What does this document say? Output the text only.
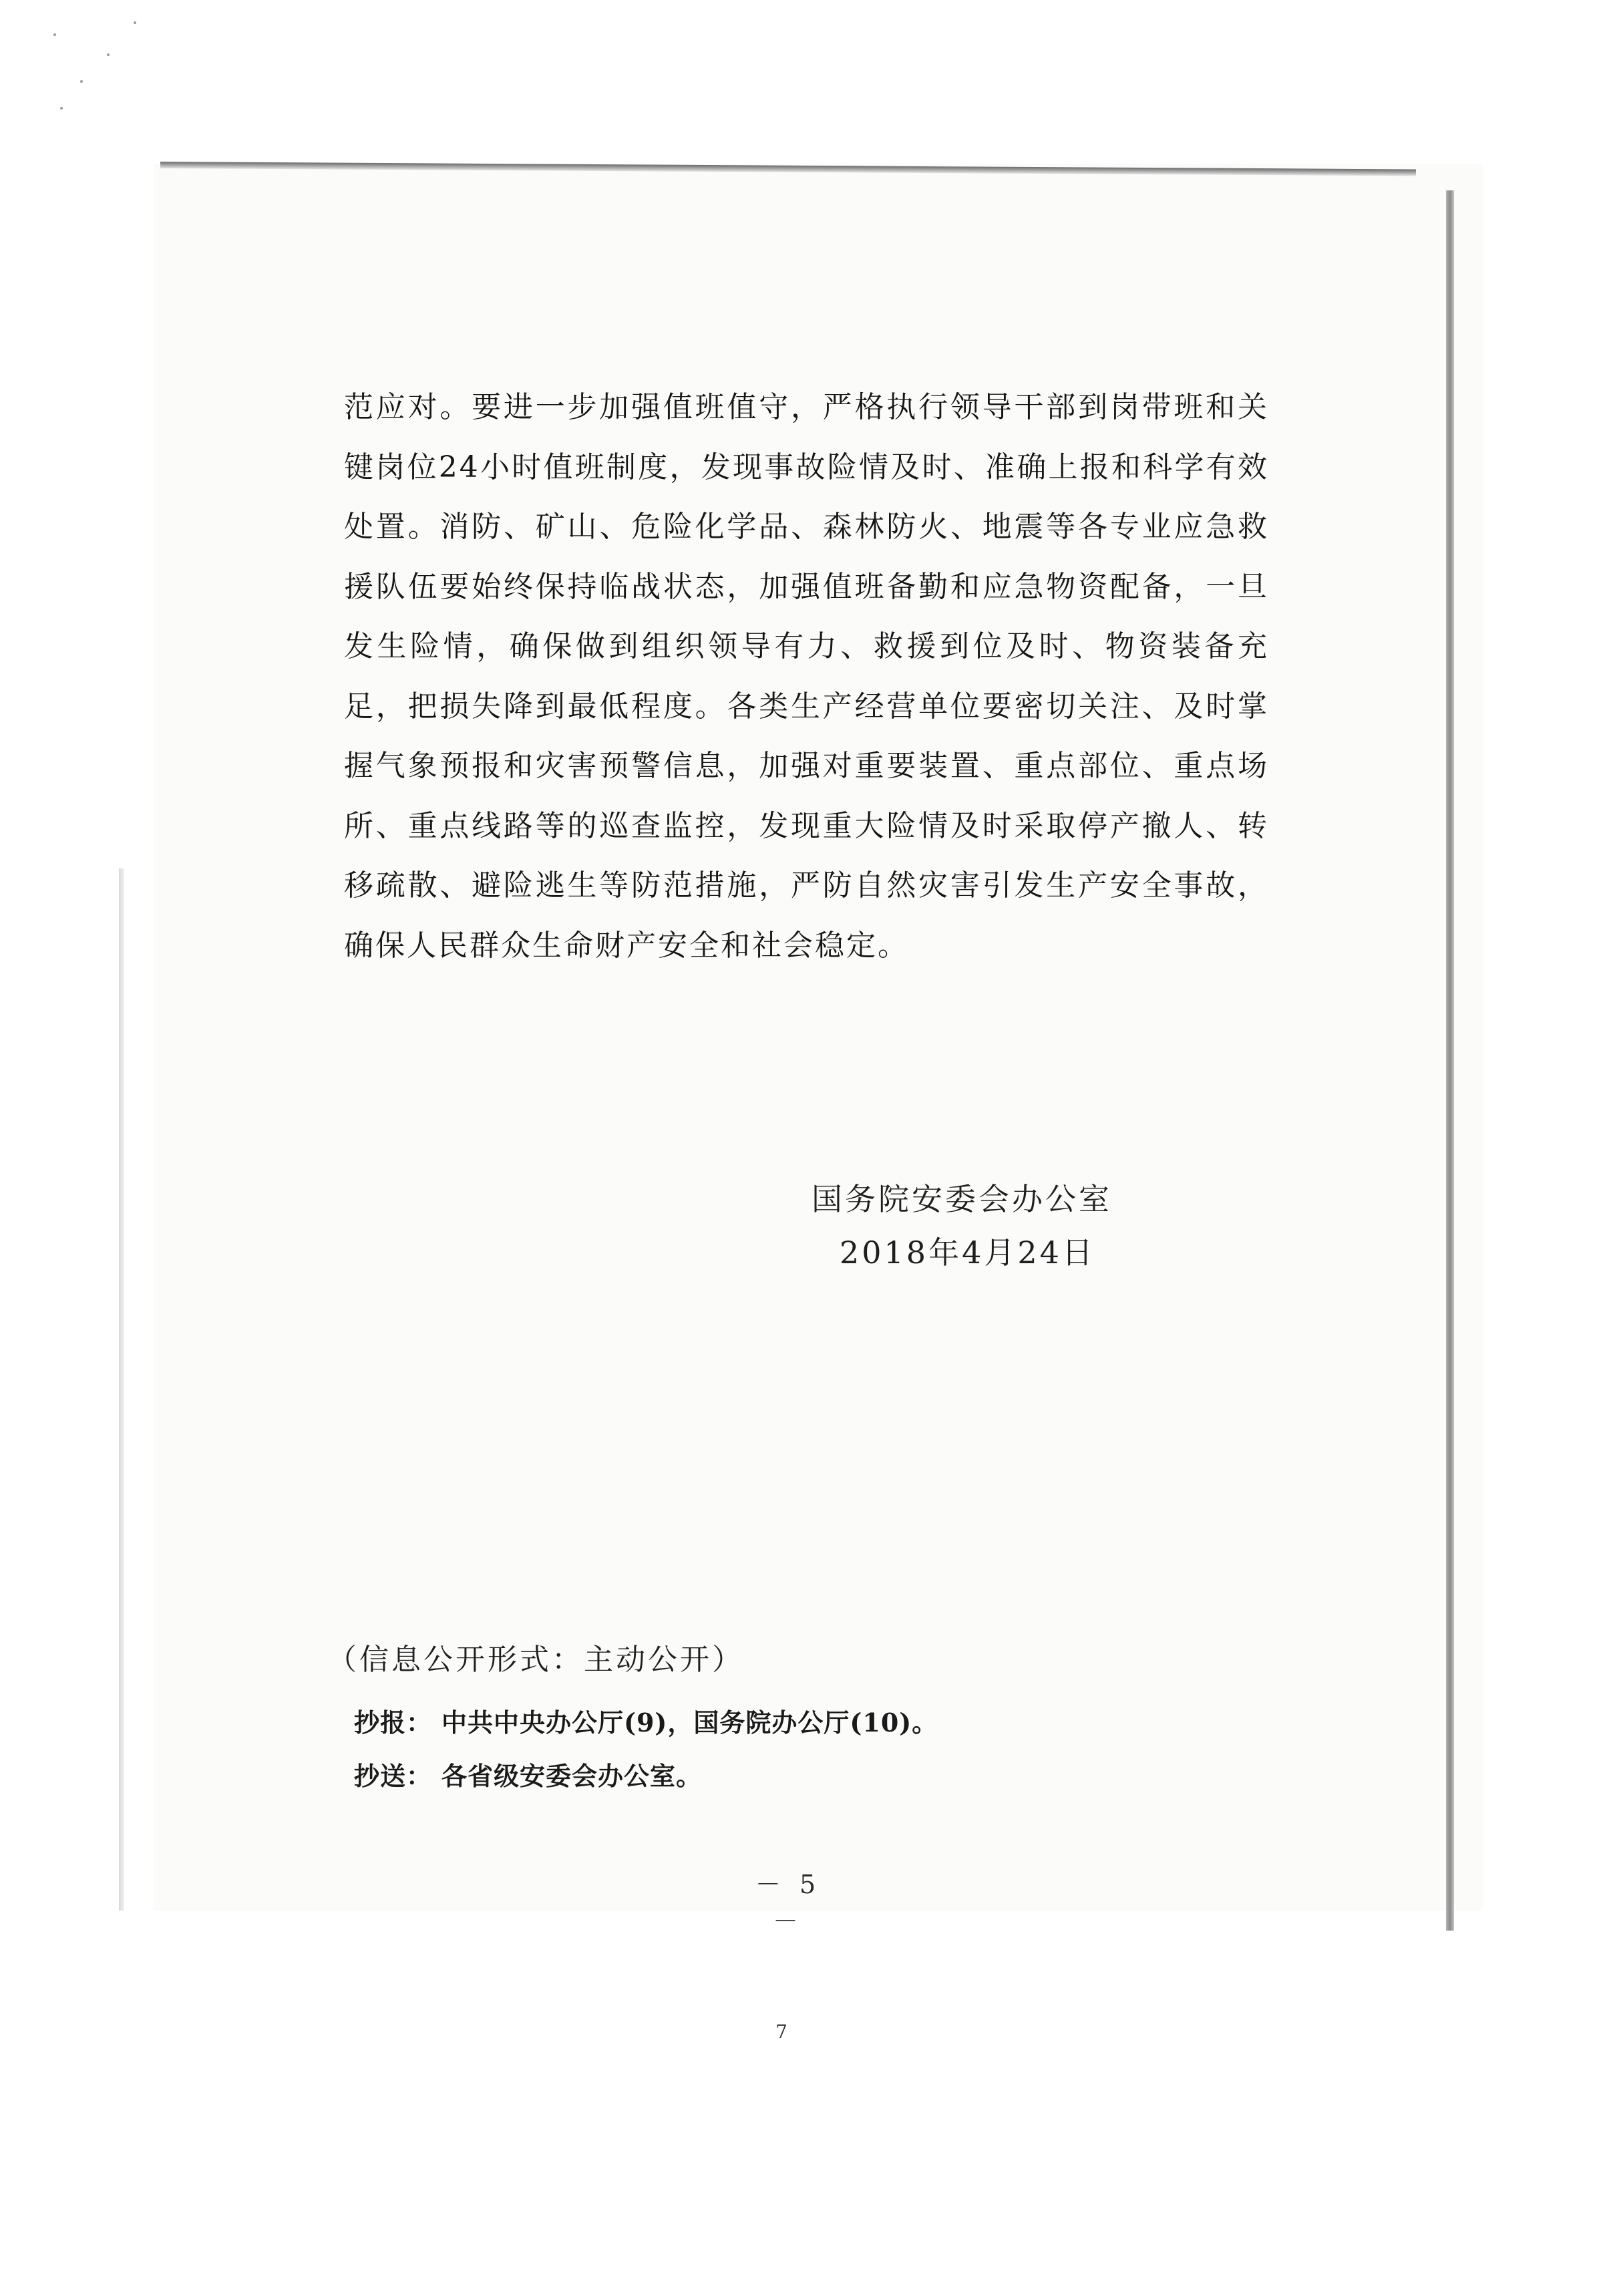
范应对。要进一步加强值班值守，严格执行领导干部到岗带班和关键岗位24小时值班制度，发现事故险情及时、准确上报和科学有效处置。消防、矿山、危险化学品、森林防火、地震等各专业应急救援队伍要始终保持临战状态，加强值班备勤和应急物资配备，一旦发生险情，确保做到组织领导有力、救援到位及时、物资装备充足，把损失降到最低程度。各类生产经营单位要密切关注、及时掌握气象预报和灾害预警信息，加强对重要装置、重点部位、重点场所、重点线路等的巡查监控，发现重大险情及时采取停产撤人、转移疏散、避险逃生等防范措施，严防自然灾害引发生产安全事故，确保人民群众生命财产安全和社会稳定。

国务院安委会办公室
2018年4月24日
（信息公开形式：主动公开）
抄报： 中共中央办公厅(9)，国务院办公厅(10)。
抄送： 各省级安委会办公室。
－ 5 －
7
